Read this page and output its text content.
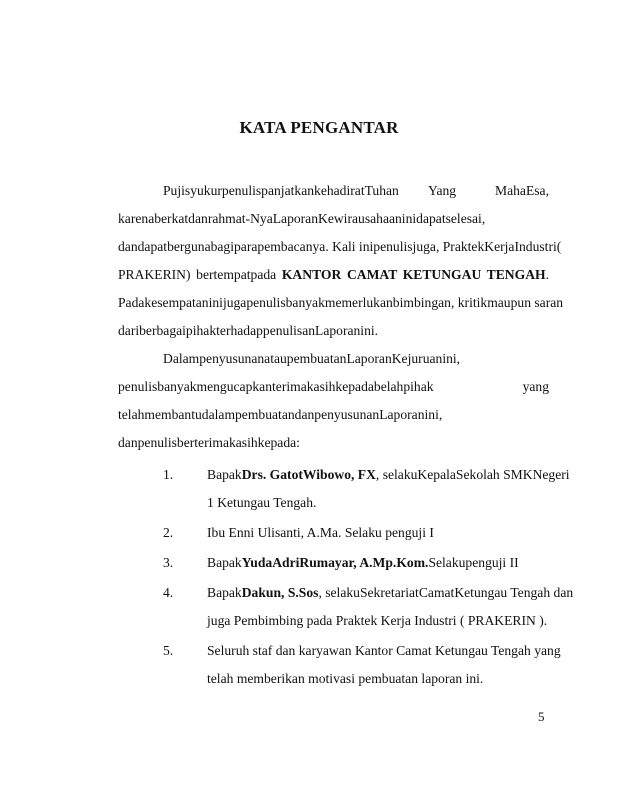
KATA PENGANTAR
Pujisyukurpenulispanjatkankehadirat​Tuhan Yang	MahaEsa,
karenaberkatdanrahmat-NyaLaporanKewirausahaaninidapatselesai,
dandapatbergunabagiparapembacanya. Kali inipenulisjuga, PraktekKerjaIndustri(
PRAKERIN) bertempatpada KANTOR CAMAT KETUNGAU TENGAH.
Padakesempataninijugapenulisbanyakmemerlukanbimbingan, kritikmaupun saran
dariberbagaipihakterhadappenulisanLaporanini.
DalampenyusunanataupembuatanLaporanKejuruanini,
penulisbanyakmengucapkanterimakasihkepadabelahpihak	yang
telahmembantudalampembuatandanpenyusunanLaporanini,
danpenulisberterimakasihkepada:
1. BapakDrs. GatotWibowo, FX, selakuKepalaSekolah SMKNegeri
1 Ketungau Tengah.
2. Ibu Enni Ulisanti, A.Ma. Selaku penguji I
3. BapakYudaAdriRumayar, A.Mp.Kom.Selakupenguji II
4. BapakDakun, S.Sos, selakuSekretariatCamatKetungau Tengah dan
juga Pembimbing pada Praktek Kerja Industri ( PRAKERIN ).
5. Seluruh staf dan karyawan Kantor Camat Ketungau Tengah yang
telah memberikan motivasi pembuatan laporan ini.
5
